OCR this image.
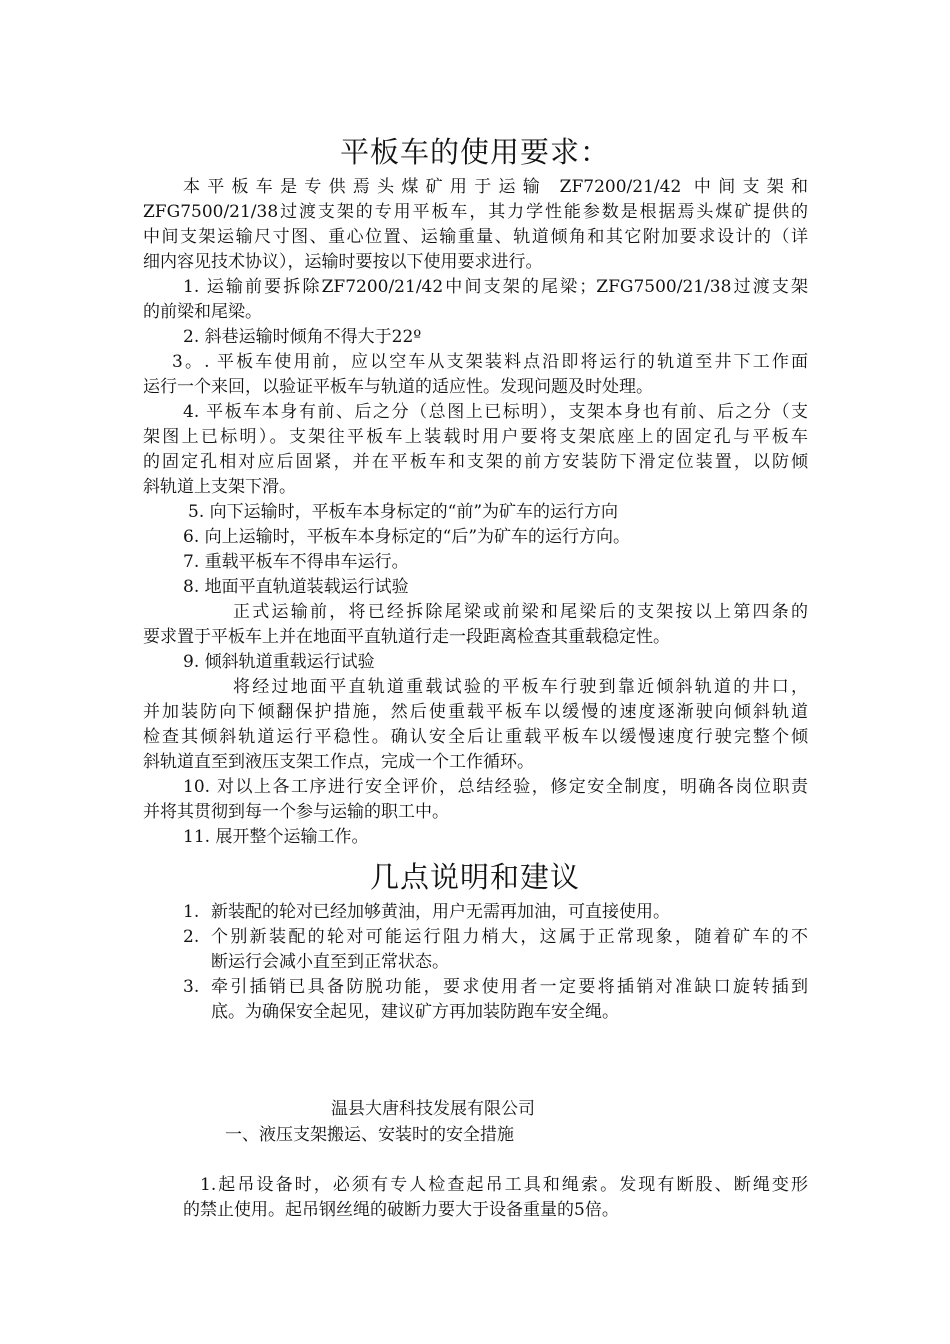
平板车的使用要求：
本平板车是专供焉头煤矿用于运输 ZF7200/21/42 中间支架和
ZFG7500/21/38过渡支架的专用平板车，其力学性能参数是根据焉头煤矿提供的
中间支架运输尺寸图、重心位置、运输重量、轨道倾角和其它附加要求设计的（详
细内容见技术协议），运输时要按以下使用要求进行。
1. 运输前要拆除ZF7200/21/42中间支架的尾梁；ZFG7500/21/38过渡支架
的前梁和尾梁。
2. 斜巷运输时倾角不得大于22º
3。. 平板车使用前，应以空车从支架装料点沿即将运行的轨道至井下工作面
运行一个来回，以验证平板车与轨道的适应性。发现问题及时处理。
4. 平板车本身有前、后之分（总图上已标明），支架本身也有前、后之分（支
架图上已标明）。支架往平板车上装载时用户要将支架底座上的固定孔与平板车
的固定孔相对应后固紧，并在平板车和支架的前方安装防下滑定位装置，以防倾
斜轨道上支架下滑。
5. 向下运输时，平板车本身标定的“前”为矿车的运行方向
6. 向上运输时，平板车本身标定的“后”为矿车的运行方向。
7. 重载平板车不得串车运行。
8. 地面平直轨道装载运行试验
正式运输前，将已经拆除尾梁或前梁和尾梁后的支架按以上第四条的
要求置于平板车上并在地面平直轨道行走一段距离检查其重载稳定性。
9. 倾斜轨道重载运行试验
将经过地面平直轨道重载试验的平板车行驶到靠近倾斜轨道的井口，
并加装防向下倾翻保护措施，然后使重载平板车以缓慢的速度逐渐驶向倾斜轨道
检查其倾斜轨道运行平稳性。确认安全后让重载平板车以缓慢速度行驶完整个倾
斜轨道直至到液压支架工作点，完成一个工作循环。
10. 对以上各工序进行安全评价，总结经验，修定安全制度，明确各岗位职责
并将其贯彻到每一个参与运输的职工中。
11. 展开整个运输工作。
几点说明和建议
1. 新装配的轮对已经加够黄油，用户无需再加油，可直接使用。
2. 个别新装配的轮对可能运行阻力梢大，这属于正常现象，随着矿车的不
断运行会减小直至到正常状态。
3. 牵引插销已具备防脱功能，要求使用者一定要将插销对准缺口旋转插到
底。为确保安全起见，建议矿方再加装防跑车安全绳。
温县大唐科技发展有限公司
一、液压支架搬运、安装时的安全措施
1.起吊设备时，必须有专人检查起吊工具和绳索。发现有断股、断绳变形
的禁止使用。起吊钢丝绳的破断力要大于设备重量的5倍。
